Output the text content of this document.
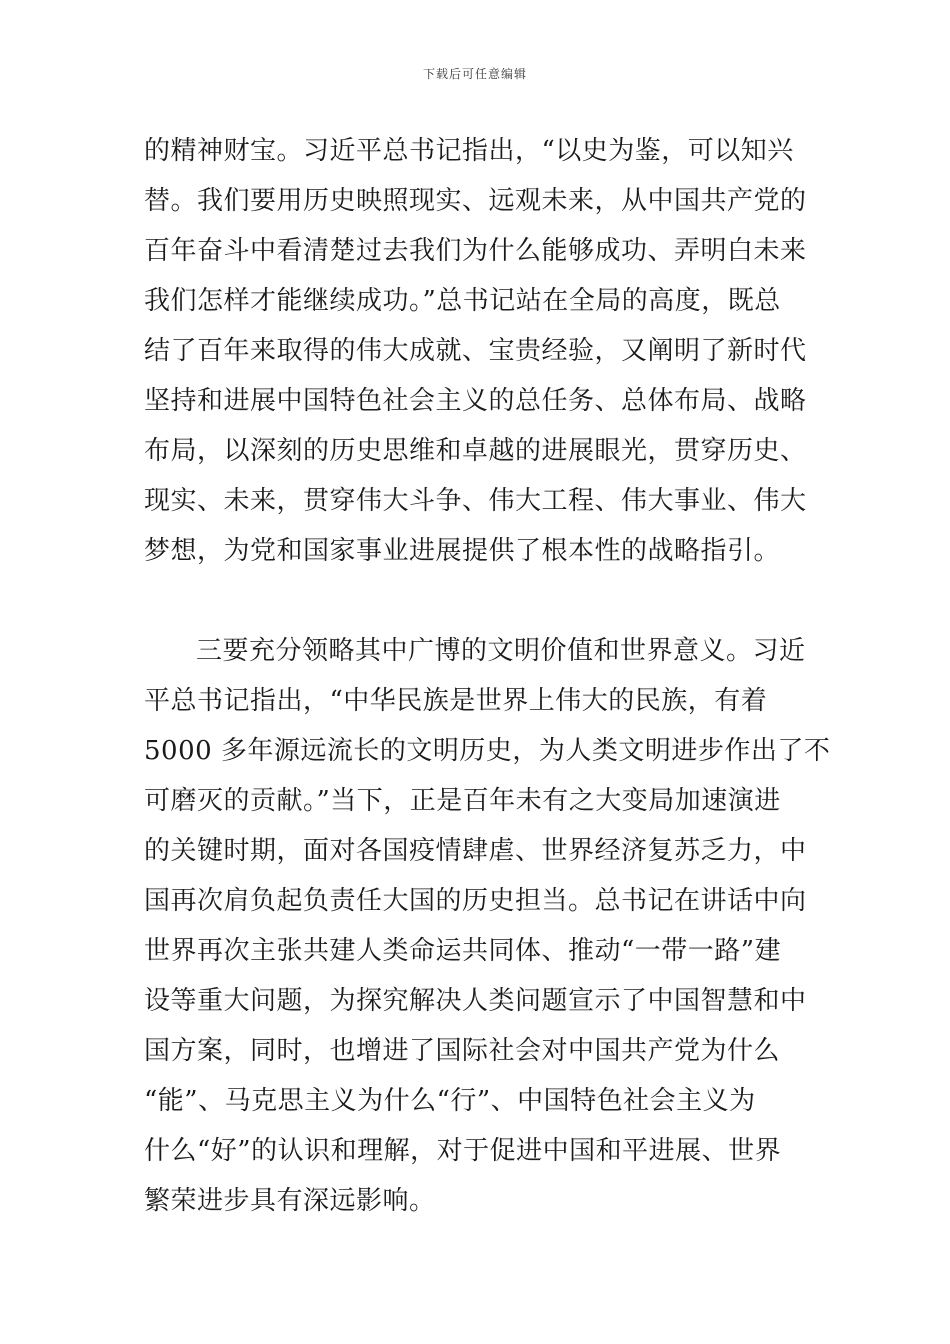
下载后可任意编辑
的精神财宝。习近平总书记指出，“以史为鉴，可以知兴
替。我们要用历史映照现实、远观未来，从中国共产党的
百年奋斗中看清楚过去我们为什么能够成功、弄明白未来
我们怎样才能继续成功。”总书记站在全局的高度，既总
结了百年来取得的伟大成就、宝贵经验，又阐明了新时代
坚持和进展中国特色社会主义的总任务、总体布局、战略
布局，以深刻的历史思维和卓越的进展眼光，贯穿历史、
现实、未来，贯穿伟大斗争、伟大工程、伟大事业、伟大
梦想，为党和国家事业进展提供了根本性的战略指引。
三要充分领略其中广博的文明价值和世界意义。习近
平总书记指出，“中华民族是世界上伟大的民族，有着
5000 多年源远流长的文明历史，为人类文明进步作出了不
可磨灭的贡献。”当下，正是百年未有之大变局加速演进
的关键时期，面对各国疫情肆虐、世界经济复苏乏力，中
国再次肩负起负责任大国的历史担当。总书记在讲话中向
世界再次主张共建人类命运共同体、推动“一带一路”建
设等重大问题，为探究解决人类问题宣示了中国智慧和中
国方案，同时，也增进了国际社会对中国共产党为什么
“能”、马克思主义为什么“行”、中国特色社会主义为
什么“好”的认识和理解，对于促进中国和平进展、世界
繁荣进步具有深远影响。
